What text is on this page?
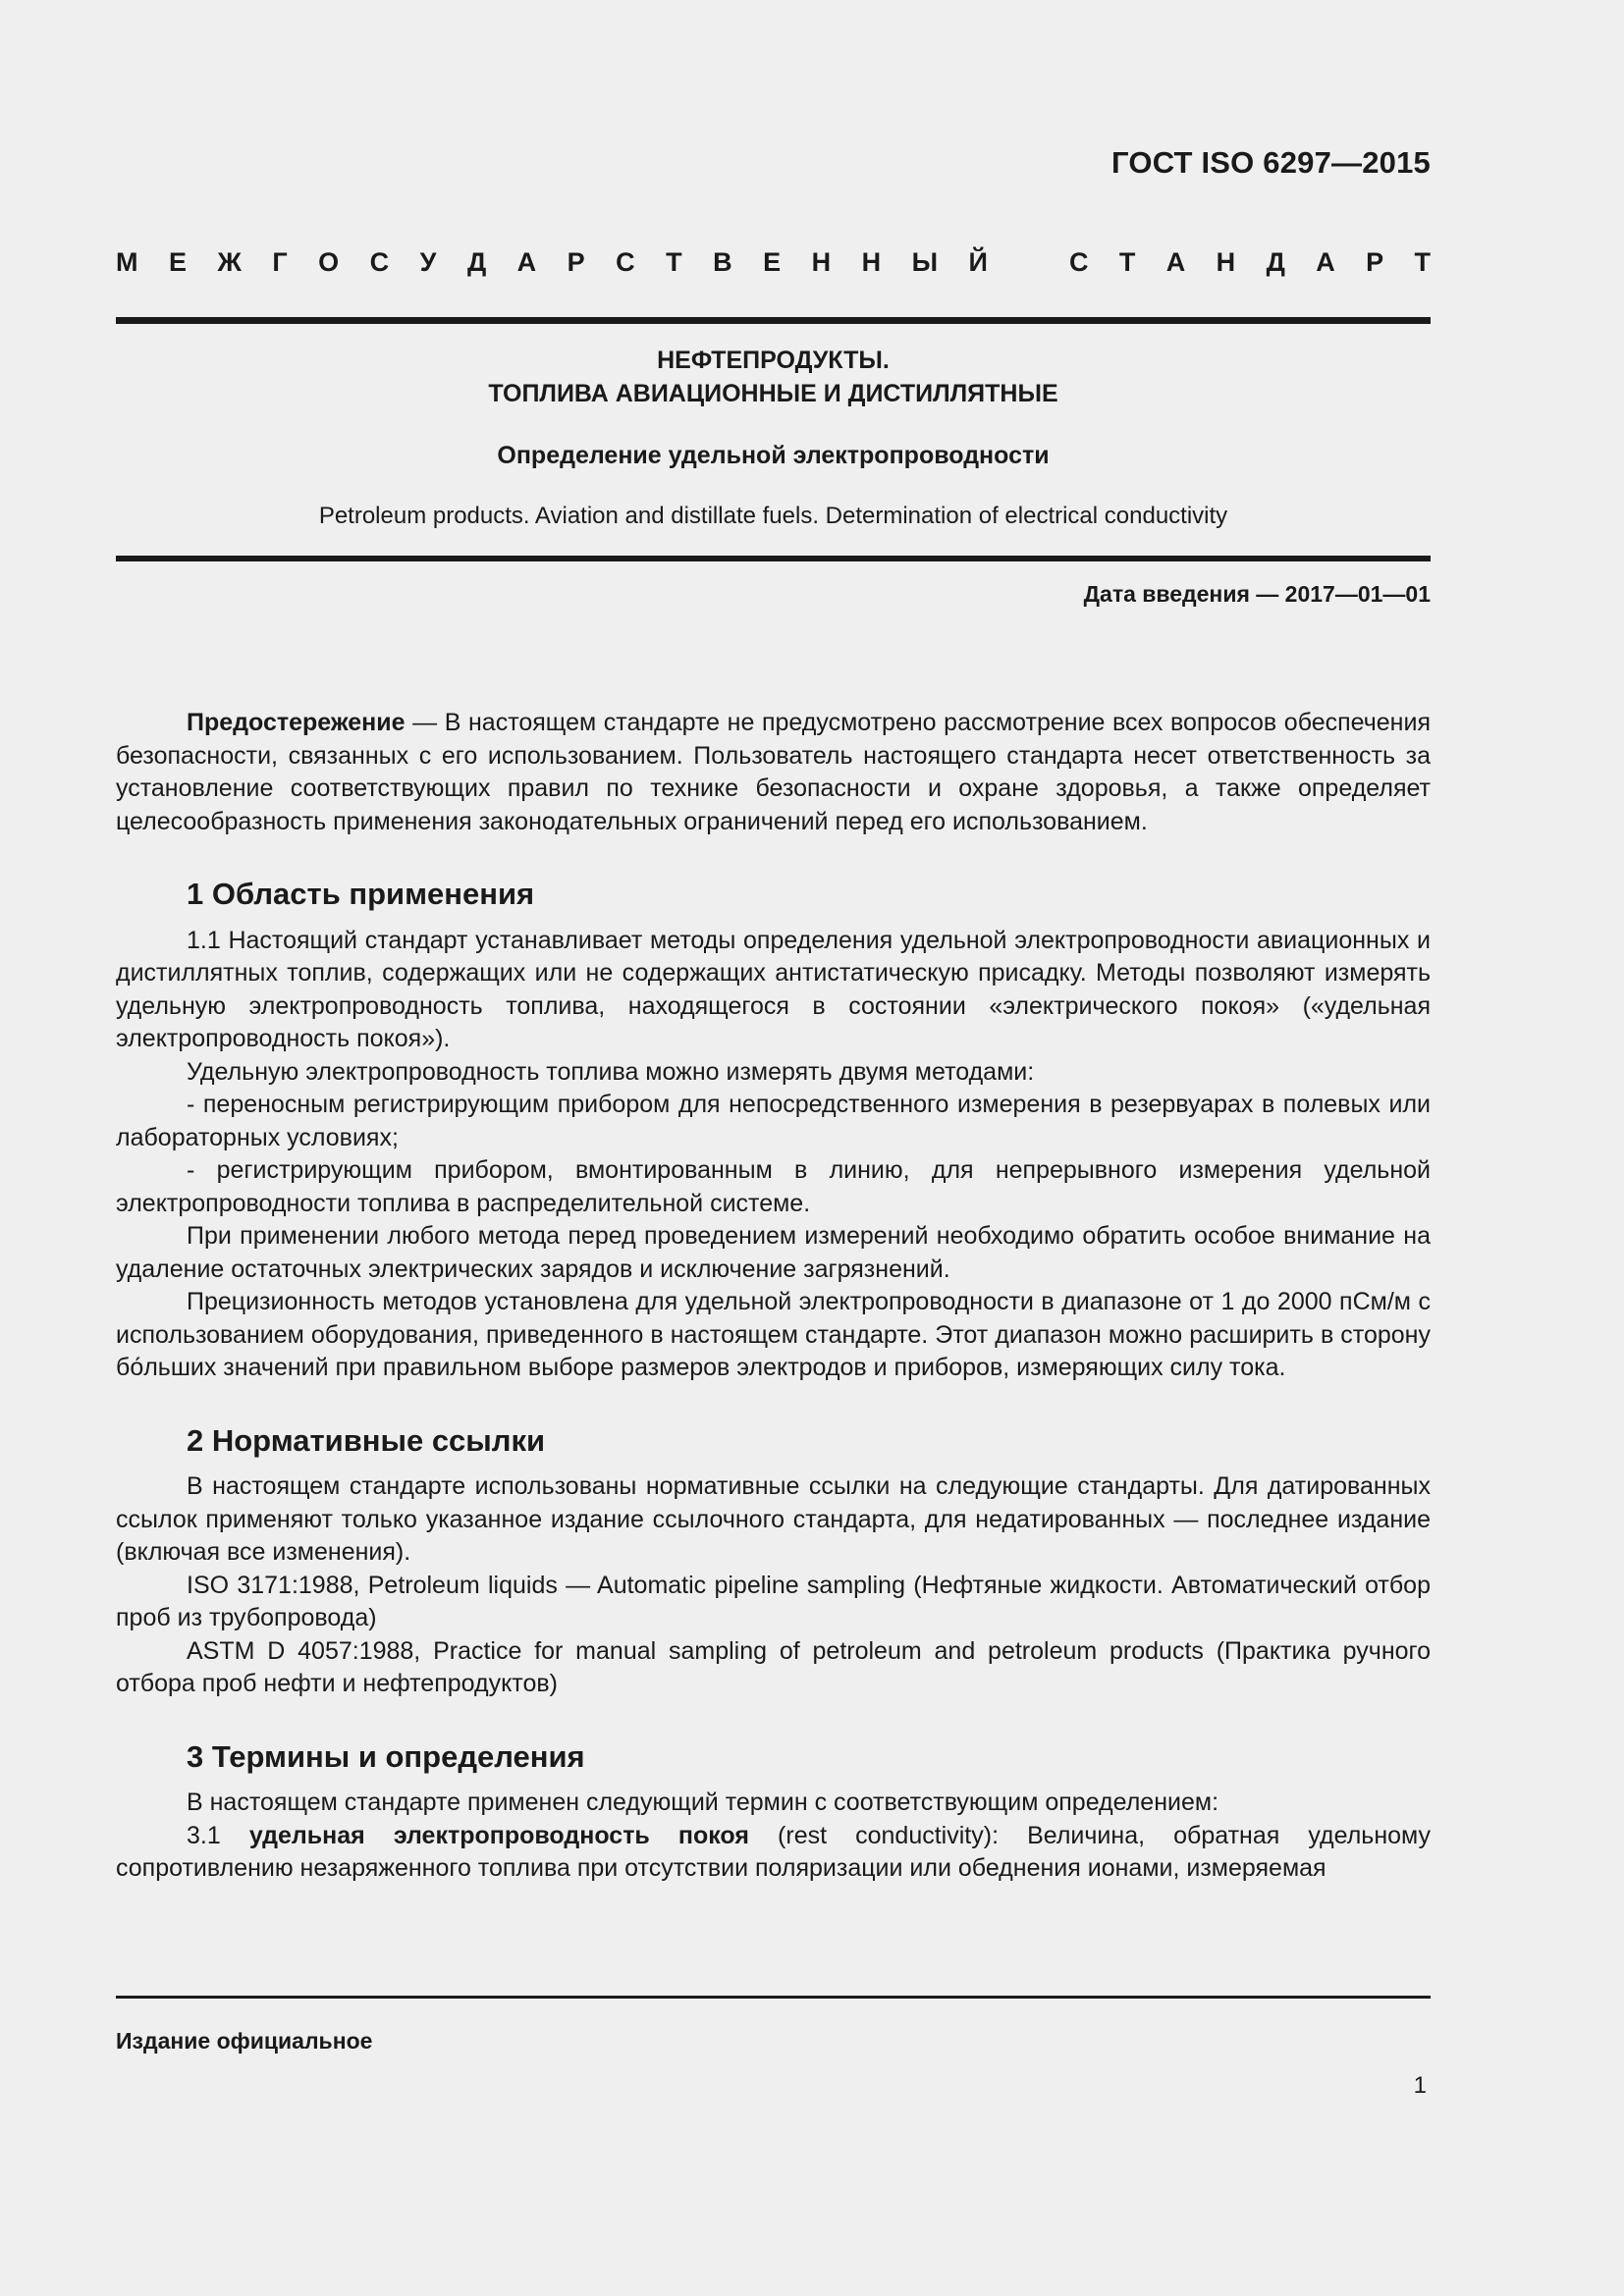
ГОСТ ISO 6297—2015
М Е Ж Г О С У Д А Р С Т В Е Н Н Ы Й	С Т А Н Д А Р Т

НЕФТЕПРОДУКТЫ.

ТОПЛИВА АВИАЦИОННЫЕ И ДИСТИЛЛЯТНЫЕ

Определение удельной электропроводности

Petroleum products. Aviation and distillate fuels. Determination of electrical conductivity

Дата введения — 2017—01—01

Предостережение — В настоящем стандарте не предусмотрено рассмотрение всех вопросов обеспечения безопасности, связанных с его использованием. Пользователь настоящего стандарта несет ответственность за установление соответствующих правил по технике безопасности и охране здоровья, а также определяет целесообразность применения законодательных ограничений перед его использованием.

1 Область применения

1.1 Настоящий стандарт устанавливает методы определения удельной электропроводности авиационных и дистиллятных топлив, содержащих или не содержащих антистатическую присадку. Методы позволяют измерять удельную электропроводность топлива, находящегося в состоянии «электрического покоя» («удельная электропроводность покоя»).

Удельную электропроводность топлива можно измерять двумя методами:

- переносным регистрирующим прибором для непосредственного измерения в резервуарах в полевых или лабораторных условиях;

- регистрирующим прибором, вмонтированным в линию, для непрерывного измерения удельной электропроводности топлива в распределительной системе.

При применении любого метода перед проведением измерений необходимо обратить особое внимание на удаление остаточных электрических зарядов и исключение загрязнений.

Прецизионность методов установлена для удельной электропроводности в диапазоне от 1 до 2000 пСм/м с использованием оборудования, приведенного в настоящем стандарте. Этот диапазон можно расширить в сторону бо́льших значений при правильном выборе размеров электродов и приборов, измеряющих силу тока.

2 Нормативные ссылки

В настоящем стандарте использованы нормативные ссылки на следующие стандарты. Для датированных ссылок применяют только указанное издание ссылочного стандарта, для недатированных — последнее издание (включая все изменения).

ISO 3171:1988, Petroleum liquids — Automatic pipeline sampling (Нефтяные жидкости. Автоматический отбор проб из трубопровода)

ASTM D 4057:1988, Practice for manual sampling of petroleum and petroleum products (Практика ручного отбора проб нефти и нефтепродуктов)

3 Термины и определения

В настоящем стандарте применен следующий термин с соответствующим определением:

3.1 удельная электропроводность покоя (rest conductivity): Величина, обратная удельному сопротивлению незаряженного топлива при отсутствии поляризации или обеднения ионами, измеряемая

Издание официальное

1
